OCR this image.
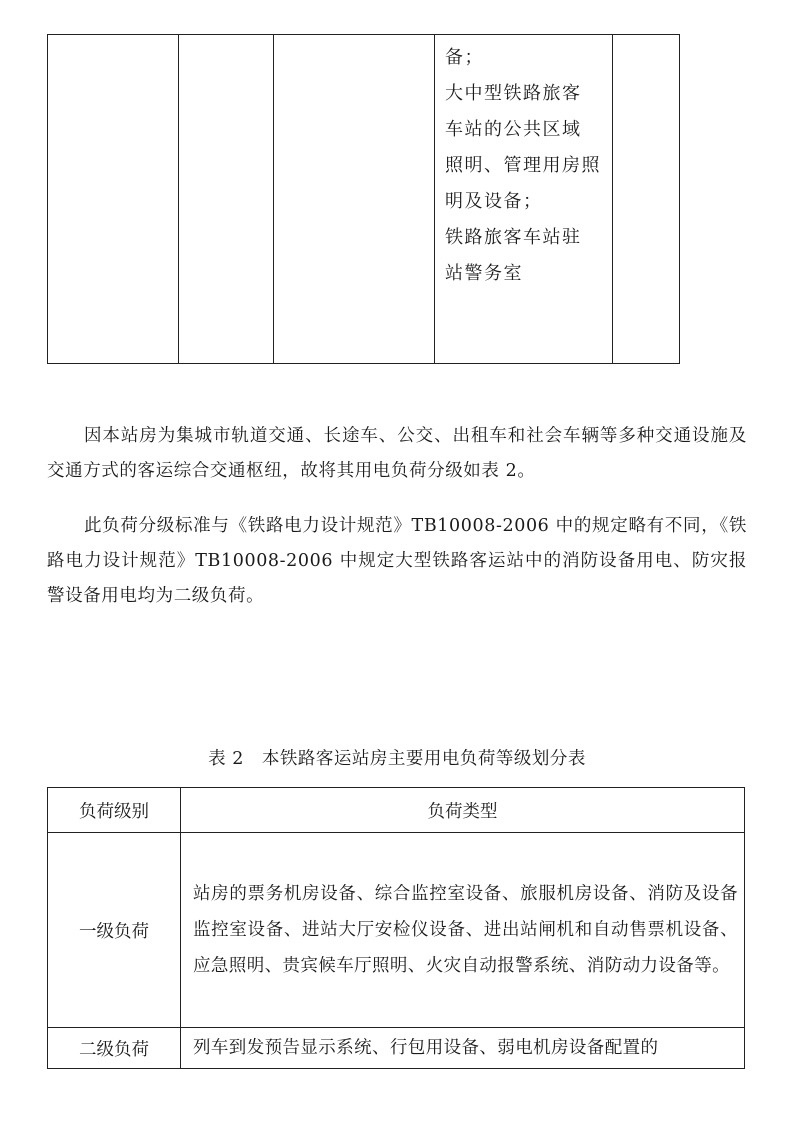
备；

大中型铁路旅客

车站的公共区域

照明、管理用房照

明及设备；

铁路旅客车站驻

站警务室

因本站房为集城市轨道交通、长途车、公交、出租车和社会车辆等多种交通设施及交通方式的客运综合交通枢纽，故将其用电负荷分级如表 2。

此负荷分级标准与《铁路电力设计规范》TB10008-2006 中的规定略有不同，《铁路电力设计规范》TB10008-2006 中规定大型铁路客运站中的消防设备用电、防灾报警设备用电均为二级负荷。

表 2 本铁路客运站房主要用电负荷等级划分表
负荷级别	负荷类型
一级负荷	站房的票务机房设备、综合监控室设备、旅服机房设备、消防及设备监控室设备、进站大厅安检仪设备、进出站闸机和自动售票机设备、应急照明、贵宾候车厅照明、火灾自动报警系统、消防动力设备等。
二级负荷	列车到发预告显示系统、行包用设备、弱电机房设备配置的
